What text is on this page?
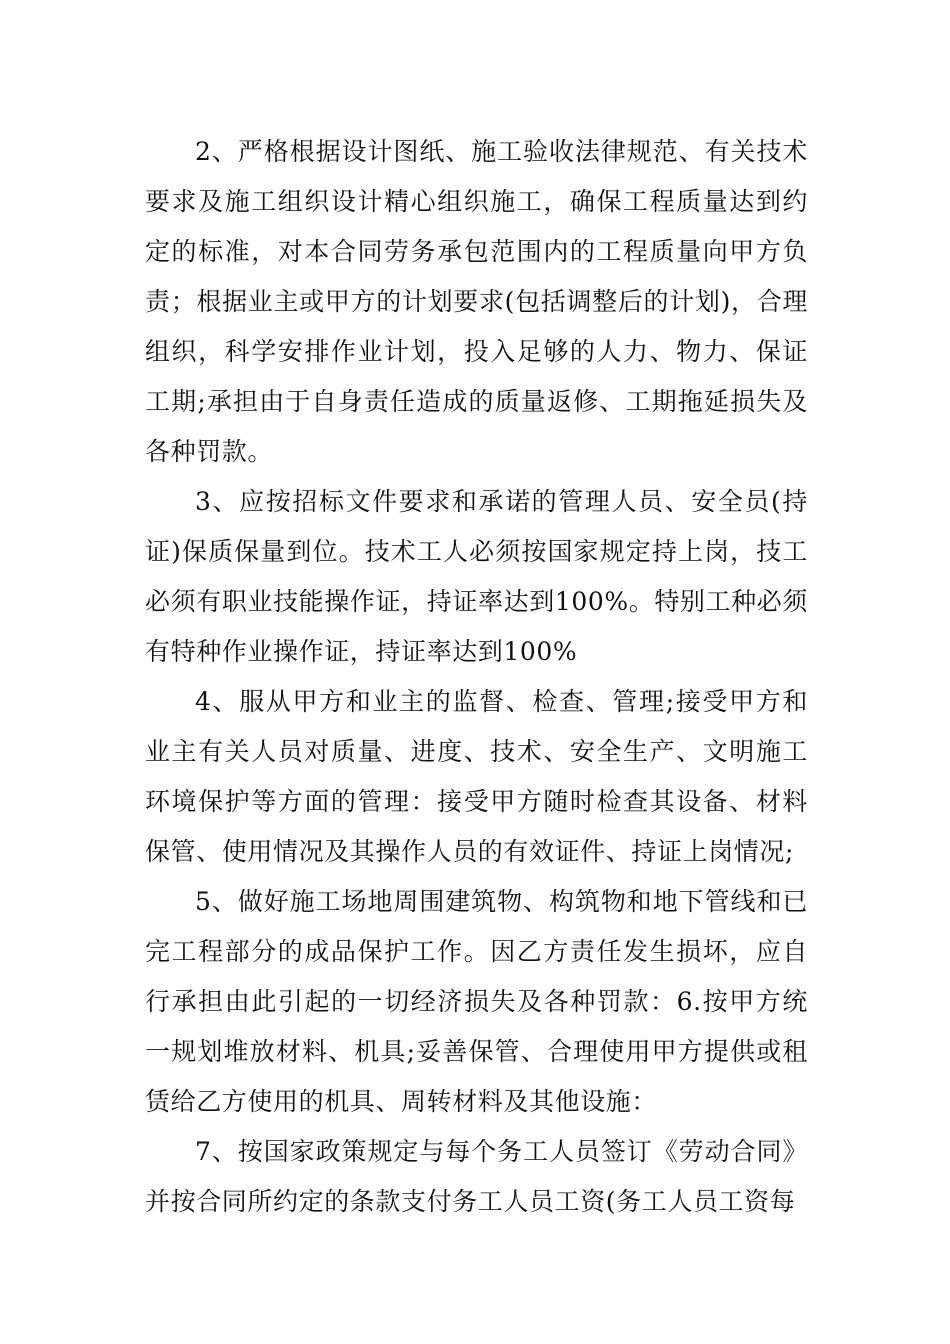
2、严格根据设计图纸、施工验收法律规范、有关技术要求及施工组织设计精心组织施工，确保工程质量达到约定的标准，对本合同劳务承包范围内的工程质量向甲方负责；根据业主或甲方的计划要求(包括调整后的计划)，合理组织，科学安排作业计划，投入足够的人力、物力、保证工期;承担由于自身责任造成的质量返修、工期拖延损失及各种罚款。

3、应按招标文件要求和承诺的管理人员、安全员(持证)保质保量到位。技术工人必须按国家规定持上岗，技工必须有职业技能操作证，持证率达到100%。特别工种必须有特种作业操作证，持证率达到100%

4、服从甲方和业主的监督、检查、管理;接受甲方和业主有关人员对质量、进度、技术、安全生产、文明施工环境保护等方面的管理：接受甲方随时检查其设备、材料保管、使用情况及其操作人员的有效证件、持证上岗情况;

5、做好施工场地周围建筑物、构筑物和地下管线和已完工程部分的成品保护工作。因乙方责任发生损坏，应自行承担由此引起的一切经济损失及各种罚款：6.按甲方统一规划堆放材料、机具;妥善保管、合理使用甲方提供或租赁给乙方使用的机具、周转材料及其他设施：

7、按国家政策规定与每个务工人员签订《劳动合同》并按合同所约定的条款支付务工人员工资(务工人员工资每
